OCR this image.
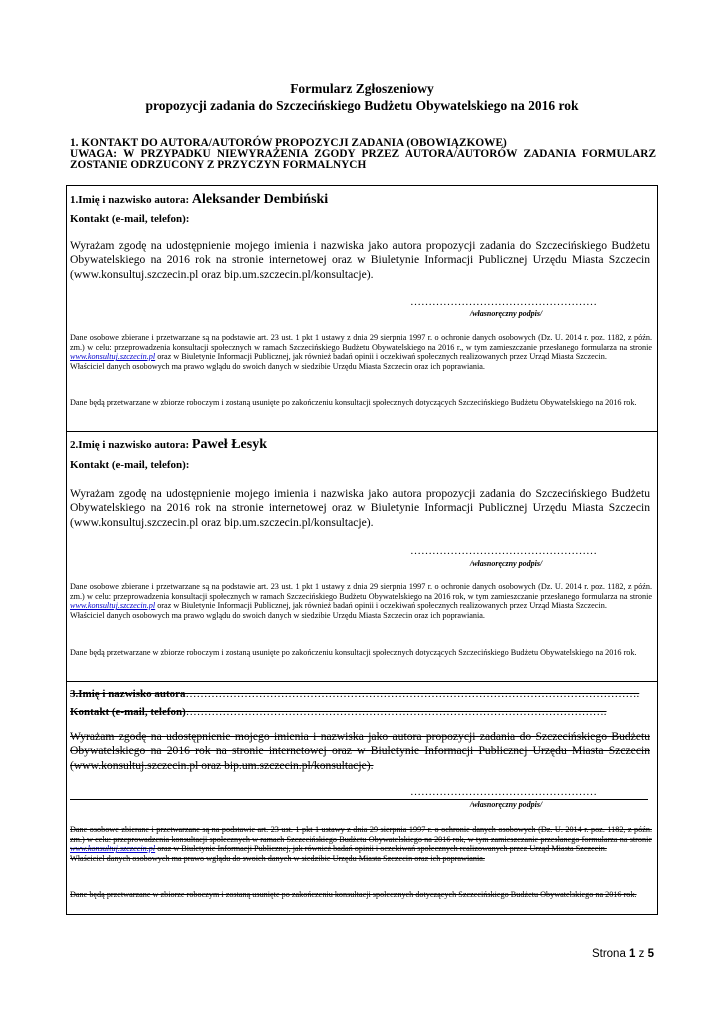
Formularz Zgłoszeniowy
propozycji zadania do Szczecińskiego Budżetu Obywatelskiego na 2016 rok
1. KONTAKT DO AUTORA/AUTORÓW PROPOZYCJI ZADANIA (OBOWIĄZKOWE)
UWAGA: W PRZYPADKU NIEWYRAŻENIA ZGODY PRZEZ AUTORA/AUTORÓW ZADANIA FORMULARZ ZOSTANIE ODRZUCONY Z PRZYCZYN FORMALNYCH
1.Imię i nazwisko autora: Aleksander Dembiński
Kontakt (e-mail, telefon):
Wyrażam zgodę na udostępnienie mojego imienia i nazwiska jako autora propozycji zadania do Szczecińskiego Budżetu Obywatelskiego na 2016 rok na stronie internetowej oraz w Biuletynie Informacji Publicznej Urzędu Miasta Szczecin (www.konsultuj.szczecin.pl oraz bip.um.szczecin.pl/konsultacje).
……………………………………………
/własnoręczny podpis/
Dane osobowe zbierane i przetwarzane są na podstawie art. 23 ust. 1 pkt 1 ustawy z dnia 29 sierpnia 1997 r. o ochronie danych osobowych (Dz. U. 2014 r. poz. 1182, z późn. zm.) w celu: przeprowadzenia konsultacji społecznych w ramach Szczecińskiego Budżetu Obywatelskiego na 2016 r., w tym zamieszczanie przesłanego formularza na stronie www.konsultuj.szczecin.pl oraz w Biuletynie Informacji Publicznej, jak również badań opinii i oczekiwań społecznych realizowanych przez Urząd Miasta Szczecin.
Właściciel danych osobowych ma prawo wglądu do swoich danych w siedzibie Urzędu Miasta Szczecin oraz ich poprawiania.
Dane będą przetwarzane w zbiorze roboczym i zostaną usunięte po zakończeniu konsultacji społecznych dotyczących Szczecińskiego Budżetu Obywatelskiego na 2016 rok.
2.Imię i nazwisko autora: Paweł Łesyk
Kontakt (e-mail, telefon):
Wyrażam zgodę na udostępnienie mojego imienia i nazwiska jako autora propozycji zadania do Szczecińskiego Budżetu Obywatelskiego na 2016 rok na stronie internetowej oraz w Biuletynie Informacji Publicznej Urzędu Miasta Szczecin (www.konsultuj.szczecin.pl oraz bip.um.szczecin.pl/konsultacje).
……………………………………………
/własnoręczny podpis/
Dane osobowe zbierane i przetwarzane są na podstawie art. 23 ust. 1 pkt 1 ustawy z dnia 29 sierpnia 1997 r. o ochronie danych osobowych (Dz. U. 2014 r. poz. 1182, z późn. zm.) w celu: przeprowadzenia konsultacji społecznych w ramach Szczecińskiego Budżetu Obywatelskiego na 2016 rok, w tym zamieszczanie przesłanego formularza na stronie www.konsultuj.szczecin.pl oraz w Biuletynie Informacji Publicznej, jak również badań opinii i oczekiwań społecznych realizowanych przez Urząd Miasta Szczecin.
Właściciel danych osobowych ma prawo wglądu do swoich danych w siedzibie Urzędu Miasta Szczecin oraz ich poprawiania.
Dane będą przetwarzane w zbiorze roboczym i zostaną usunięte po zakończeniu konsultacji społecznych dotyczących Szczecińskiego Budżetu Obywatelskiego na 2016 rok.
3.Imię i nazwisko autora…………………………………………………………………………………………………………….
Kontakt (e-mail, telefon)…………………………………………………………………………………………………….
Wyrażam zgodę na udostępnienie mojego imienia i nazwiska jako autora propozycji zadania do Szczecińskiego Budżetu Obywatelskiego na 2016 rok na stronie internetowej oraz w Biuletynie Informacji Publicznej Urzędu Miasta Szczecin (www.konsultuj.szczecin.pl oraz bip.um.szczecin.pl/konsultacje).
……………………………………………
/własnoręczny podpis/
Dane osobowe zbierane i przetwarzane są na podstawie art. 23 ust. 1 pkt 1 ustawy z dnia 29 sierpnia 1997 r. o ochronie danych osobowych (Dz. U. 2014 r. poz. 1182, z późn. zm.) w celu: przeprowadzenia konsultacji społecznych w ramach Szczecińskiego Budżetu Obywatelskiego na 2016 rok, w tym zamieszczanie przesłanego formularza na stronie www.konsultuj.szczecin.pl oraz w Biuletynie Informacji Publicznej, jak również badań opinii i oczekiwań społecznych realizowanych przez Urząd Miasta Szczecin.
Właściciel danych osobowych ma prawo wglądu do swoich danych w siedzibie Urzędu Miasta Szczecin oraz ich poprawiania.
Dane będą przetwarzane w zbiorze roboczym i zostaną usunięte po zakończeniu konsultacji społecznych dotyczących Szczecińskiego Budżetu Obywatelskiego na 2016 rok.
Strona 1 z 5
